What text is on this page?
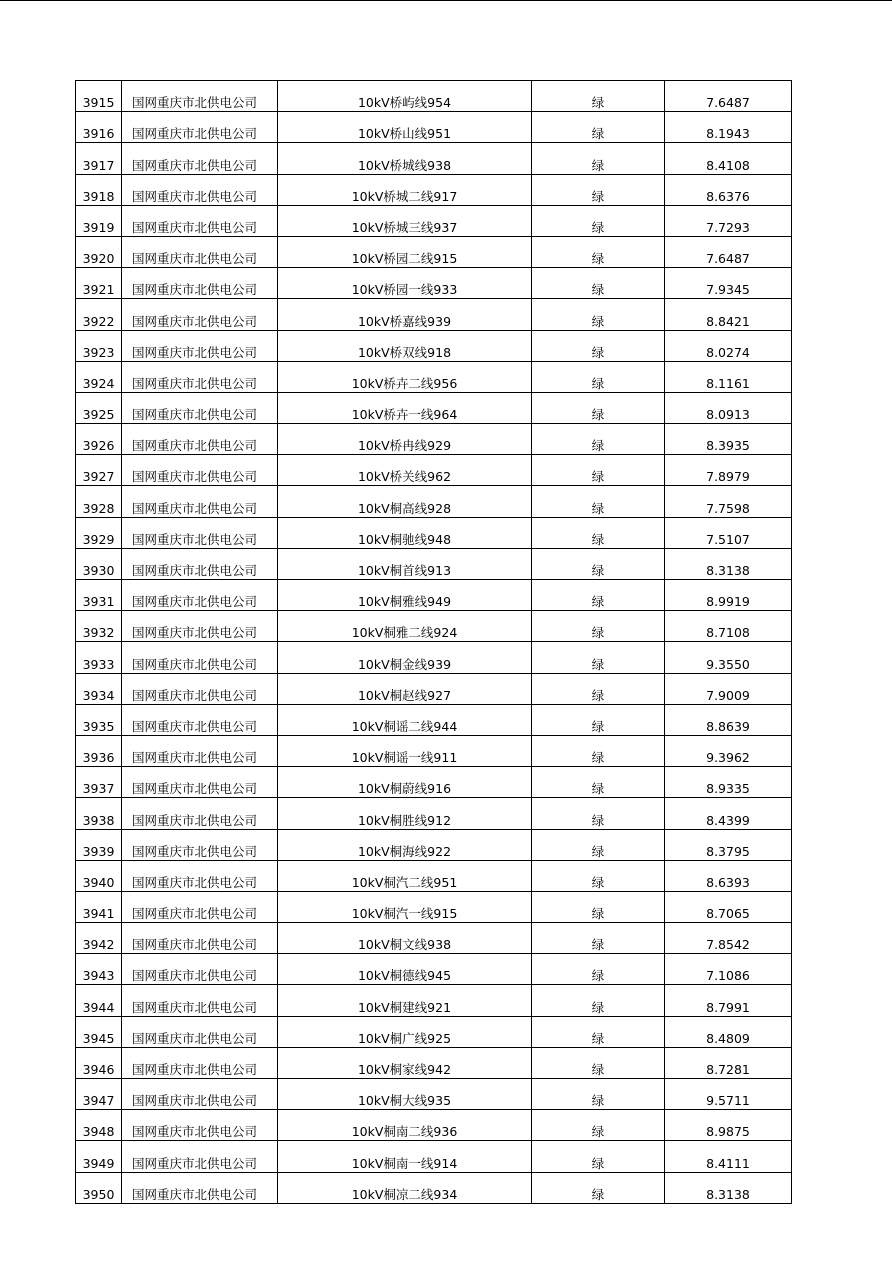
3915	国网重庆市北供电公司	10kV桥屿线954	绿	7.6487
3916	国网重庆市北供电公司	10kV桥山线951	绿	8.1943
3917	国网重庆市北供电公司	10kV桥城线938	绿	8.4108
3918	国网重庆市北供电公司	10kV桥城二线917	绿	8.6376
3919	国网重庆市北供电公司	10kV桥城三线937	绿	7.7293
3920	国网重庆市北供电公司	10kV桥园二线915	绿	7.6487
3921	国网重庆市北供电公司	10kV桥园一线933	绿	7.9345
3922	国网重庆市北供电公司	10kV桥嘉线939	绿	8.8421
3923	国网重庆市北供电公司	10kV桥双线918	绿	8.0274
3924	国网重庆市北供电公司	10kV桥卉二线956	绿	8.1161
3925	国网重庆市北供电公司	10kV桥卉一线964	绿	8.0913
3926	国网重庆市北供电公司	10kV桥冉线929	绿	8.3935
3927	国网重庆市北供电公司	10kV桥关线962	绿	7.8979
3928	国网重庆市北供电公司	10kV桐高线928	绿	7.7598
3929	国网重庆市北供电公司	10kV桐驰线948	绿	7.5107
3930	国网重庆市北供电公司	10kV桐首线913	绿	8.3138
3931	国网重庆市北供电公司	10kV桐雅线949	绿	8.9919
3932	国网重庆市北供电公司	10kV桐雅二线924	绿	8.7108
3933	国网重庆市北供电公司	10kV桐金线939	绿	9.3550
3934	国网重庆市北供电公司	10kV桐赵线927	绿	7.9009
3935	国网重庆市北供电公司	10kV桐谣二线944	绿	8.8639
3936	国网重庆市北供电公司	10kV桐谣一线911	绿	9.3962
3937	国网重庆市北供电公司	10kV桐蔚线916	绿	8.9335
3938	国网重庆市北供电公司	10kV桐胜线912	绿	8.4399
3939	国网重庆市北供电公司	10kV桐海线922	绿	8.3795
3940	国网重庆市北供电公司	10kV桐汽二线951	绿	8.6393
3941	国网重庆市北供电公司	10kV桐汽一线915	绿	8.7065
3942	国网重庆市北供电公司	10kV桐文线938	绿	7.8542
3943	国网重庆市北供电公司	10kV桐德线945	绿	7.1086
3944	国网重庆市北供电公司	10kV桐建线921	绿	8.7991
3945	国网重庆市北供电公司	10kV桐广线925	绿	8.4809
3946	国网重庆市北供电公司	10kV桐家线942	绿	8.7281
3947	国网重庆市北供电公司	10kV桐大线935	绿	9.5711
3948	国网重庆市北供电公司	10kV桐南二线936	绿	8.9875
3949	国网重庆市北供电公司	10kV桐南一线914	绿	8.4111
3950	国网重庆市北供电公司	10kV桐凉二线934	绿	8.3138
